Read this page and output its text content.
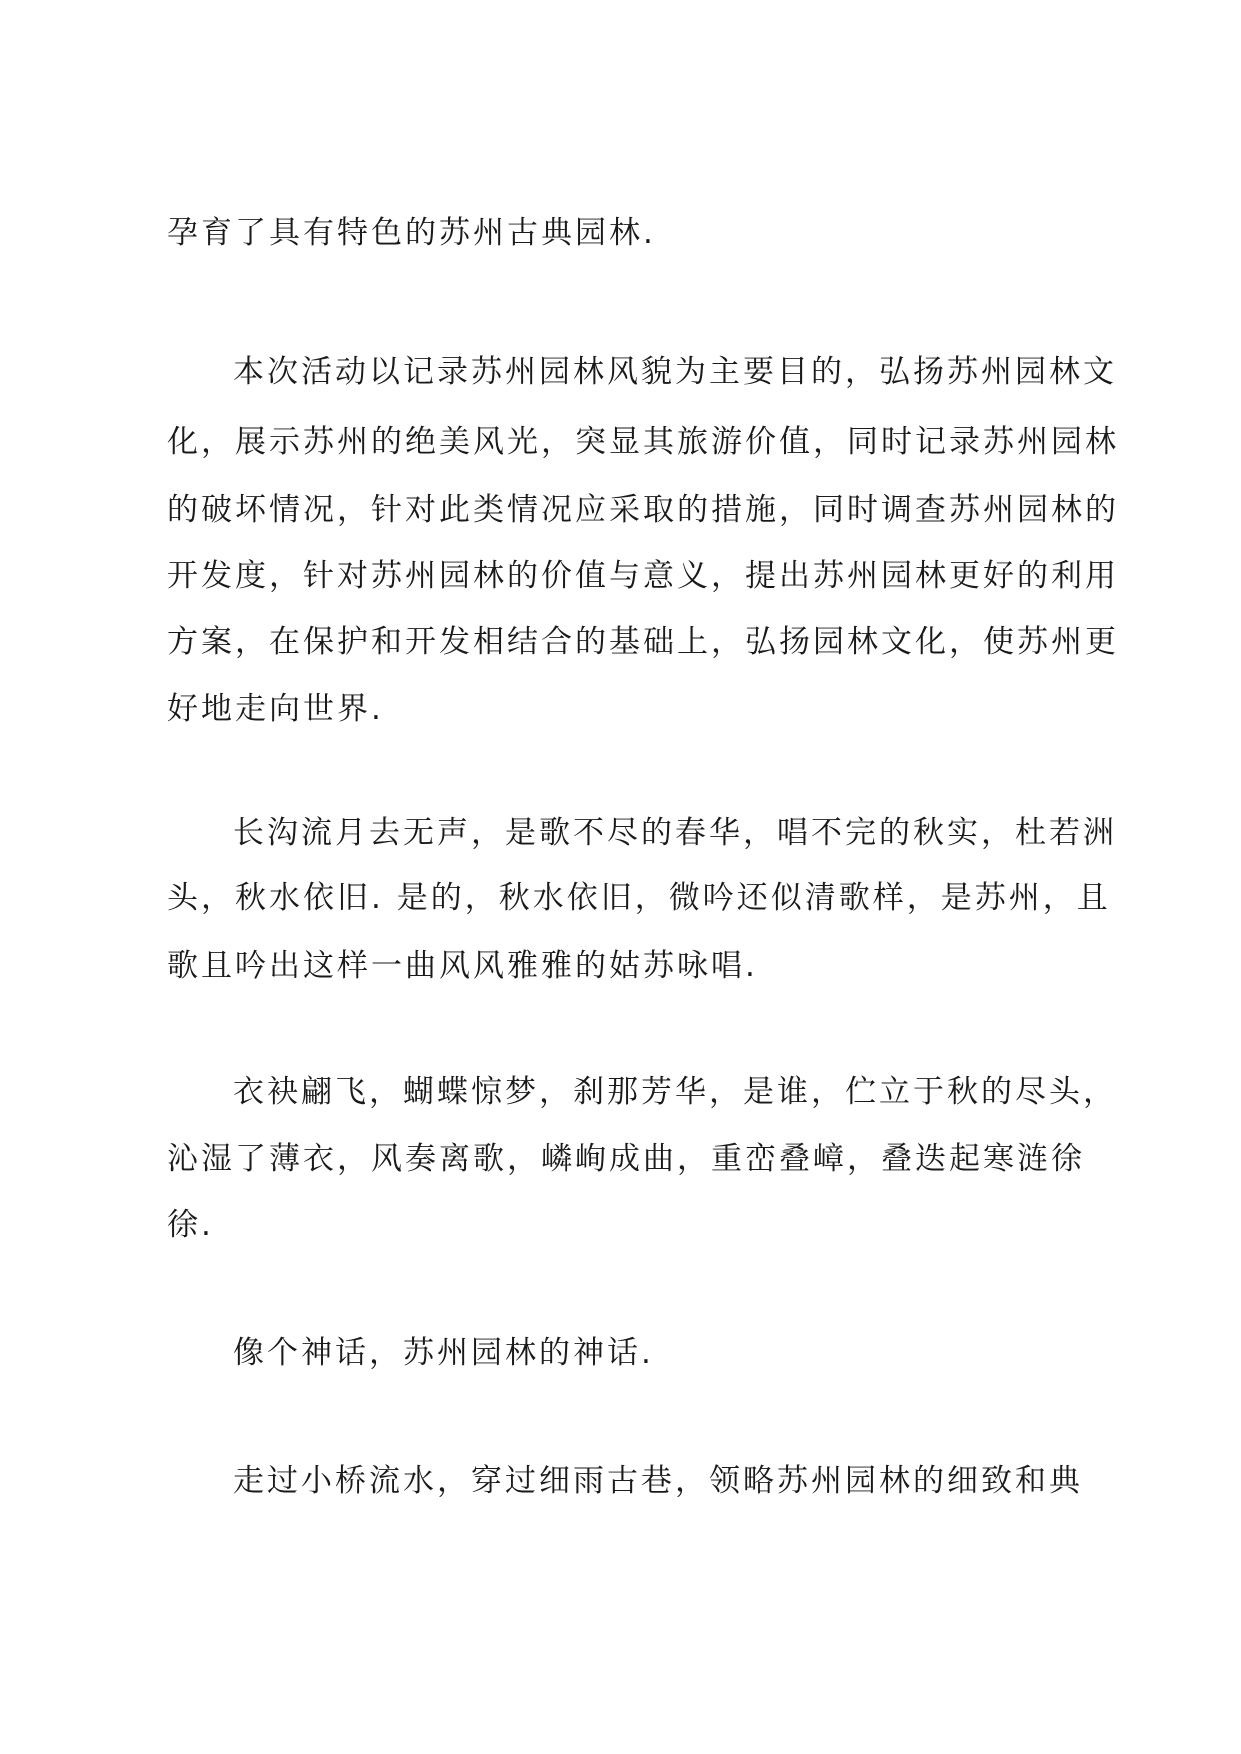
孕育了具有特色的苏州古典园林.
本次活动以记录苏州园林风貌为主要目的，弘扬苏州园林文
化，展示苏州的绝美风光，突显其旅游价值，同时记录苏州园林
的破坏情况，针对此类情况应采取的措施，同时调查苏州园林的
开发度，针对苏州园林的价值与意义，提出苏州园林更好的利用
方案，在保护和开发相结合的基础上，弘扬园林文化，使苏州更
好地走向世界.
长沟流月去无声，是歌不尽的春华，唱不完的秋实，杜若洲
头，秋水依旧. 是的，秋水依旧，微吟还似清歌样，是苏州，且
歌且吟出这样一曲风风雅雅的姑苏咏唱.
衣袂翩飞，蝴蝶惊梦，刹那芳华，是谁，伫立于秋的尽头，
沁湿了薄衣，风奏离歌，嶙峋成曲，重峦叠嶂，叠迭起寒涟徐
徐.
像个神话，苏州园林的神话.
走过小桥流水，穿过细雨古巷，领略苏州园林的细致和典
